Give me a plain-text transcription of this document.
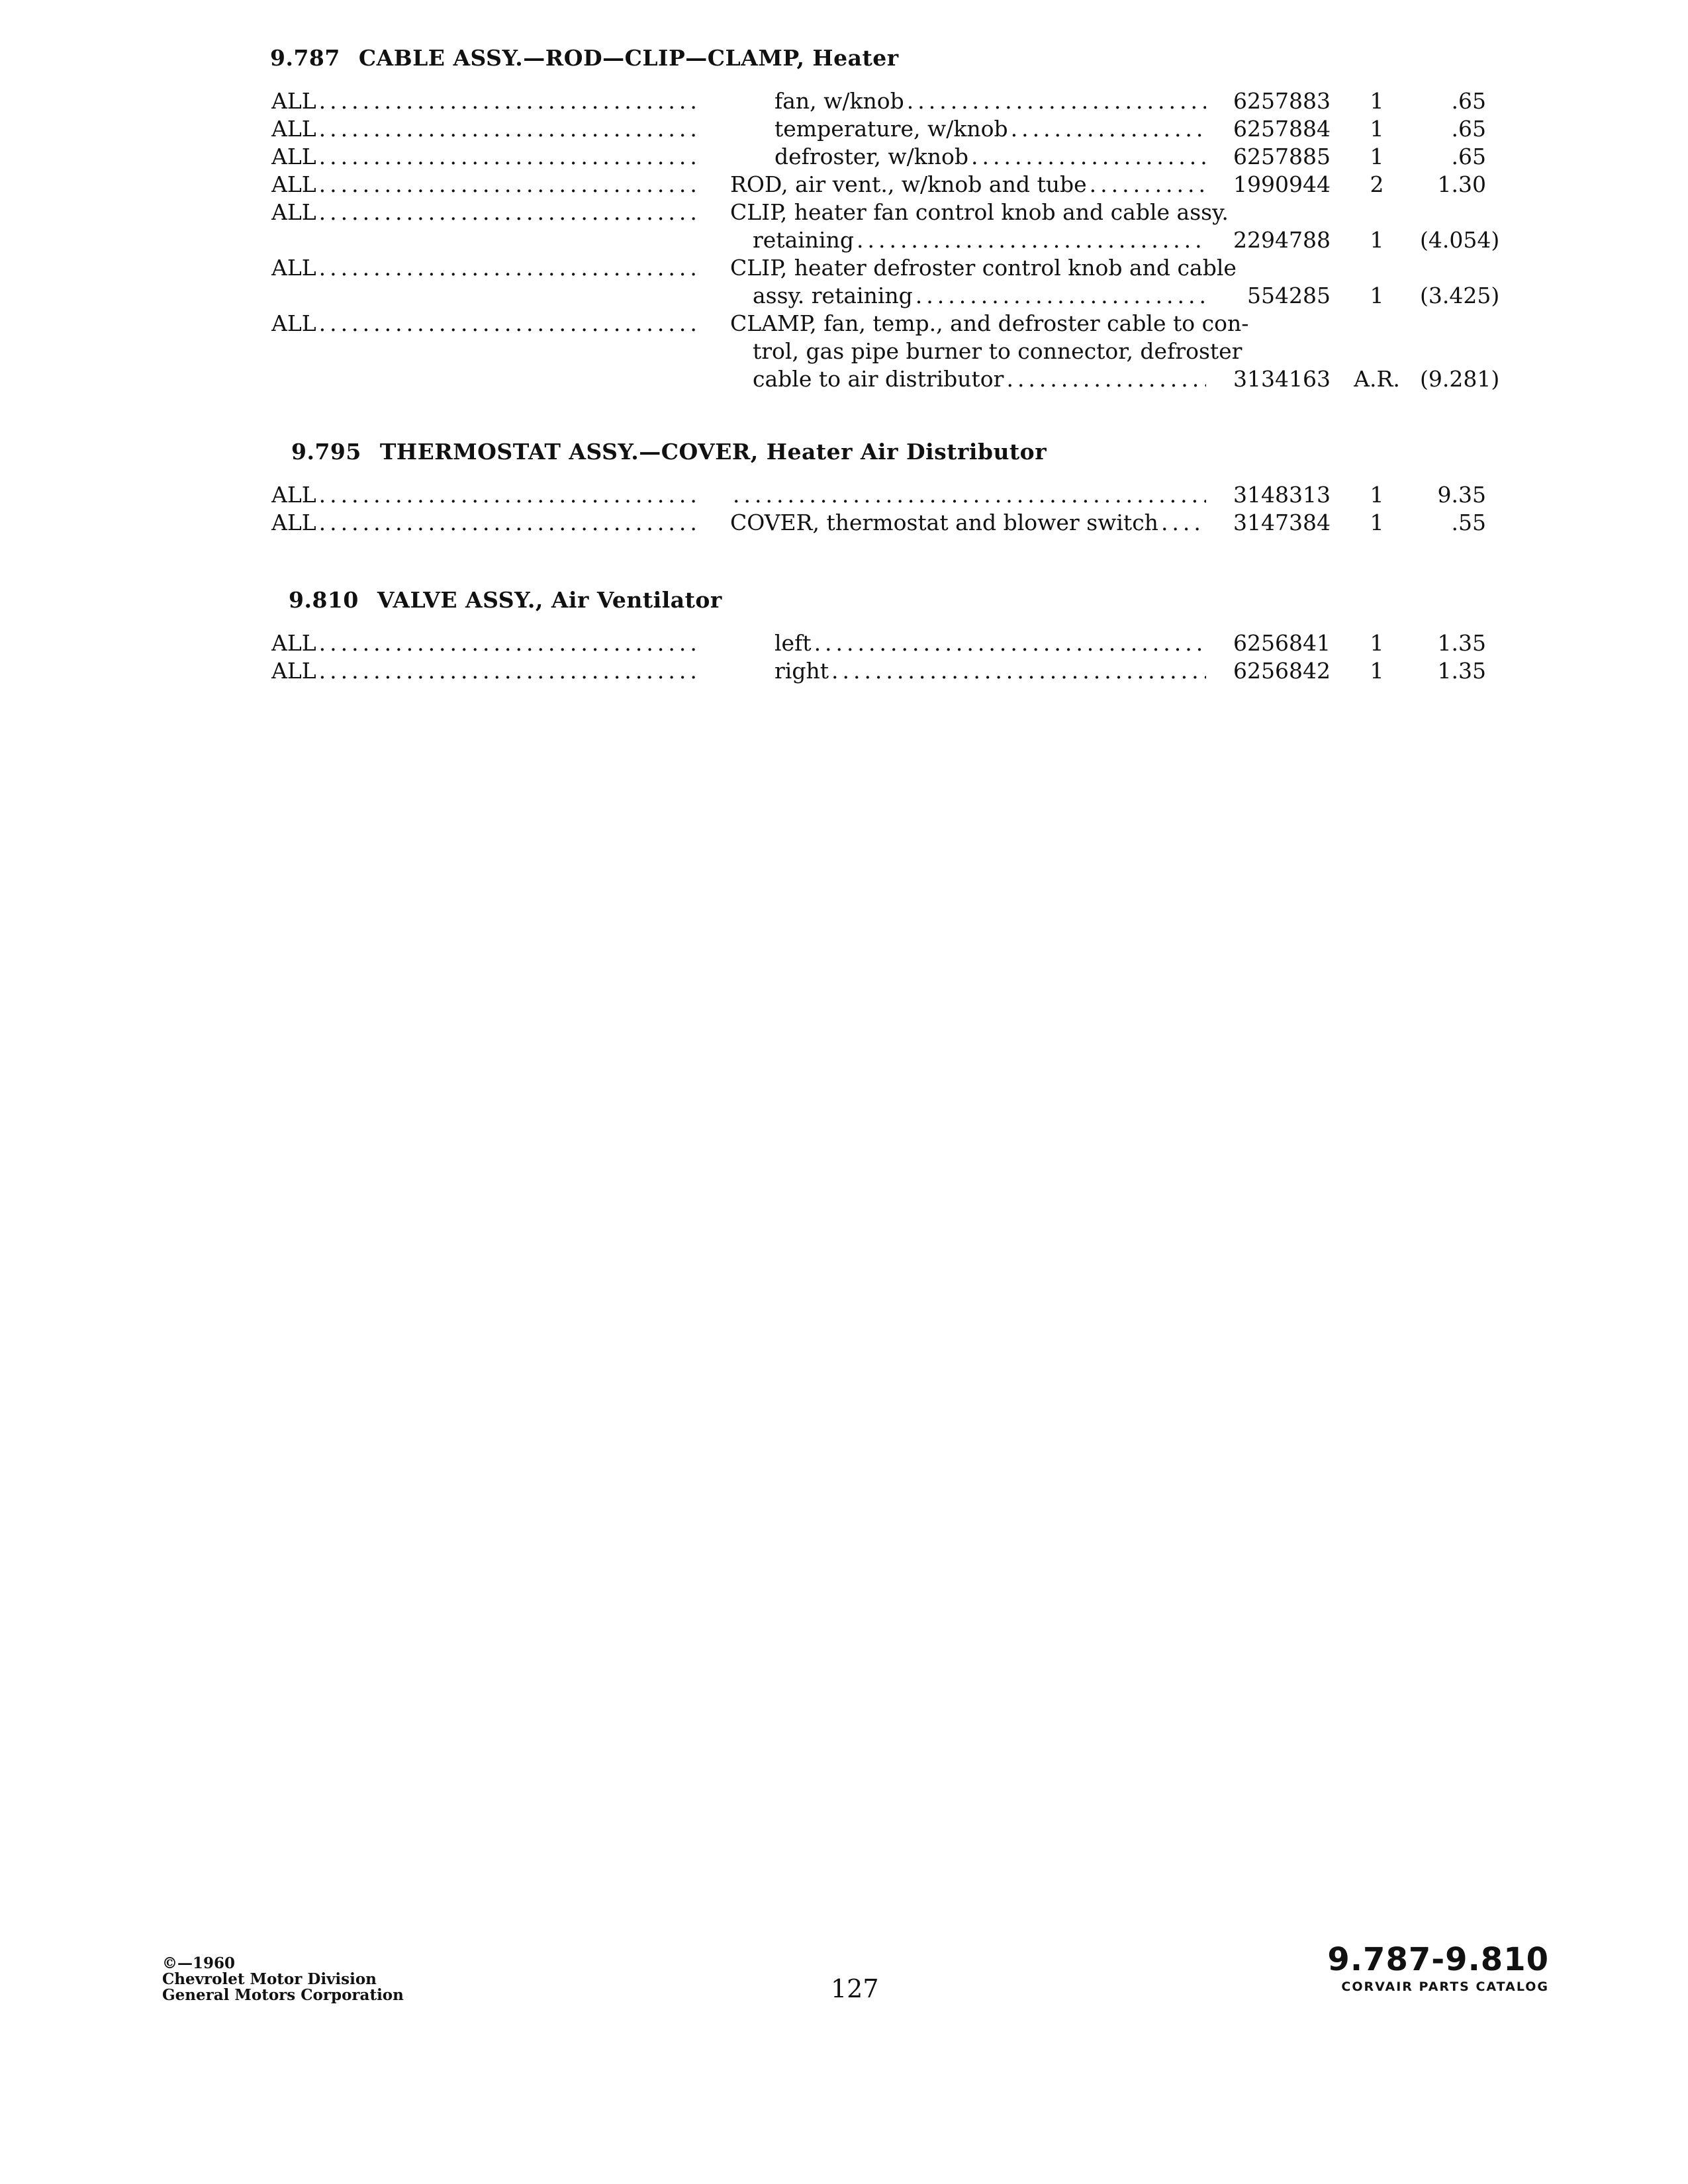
9.787 CABLE ASSY.—ROD—CLIP—CLAMP, Heater
ALL .....	fan, w/knob .....	6257883	1	.65
ALL .....	temperature, w/knob .....	6257884	1	.65
ALL .....	defroster, w/knob .....	6257885	1	.65
ALL .....	ROD, air vent., w/knob and tube .....	1990944	2	1.30
ALL .....	CLIP, heater fan control knob and cable assy.
retaining .....	2294788	1	(4.054)
ALL .....	CLIP, heater defroster control knob and cable
assy. retaining .....	554285	1	(3.425)
ALL .....	CLAMP, fan, temp., and defroster cable to con-
trol, gas pipe burner to connector, defroster
cable to air distributor .....	3134163	A.R. (9.281)
9.795 THERMOSTAT ASSY.—COVER, Heater Air Distributor
ALL ..... .....	3148313	1	9.35
ALL .....	COVER, thermostat and blower switch .....	3147384	1	.55
9.810 VALVE ASSY., Air Ventilator
ALL .....	left .....	6256841	1	1.35
ALL .....	right .....	6256842	1	1.35
©—1960
Chevrolet Motor Division
General Motors Corporation	127
9.787-9.810
CORVAIR PARTS CATALOG
